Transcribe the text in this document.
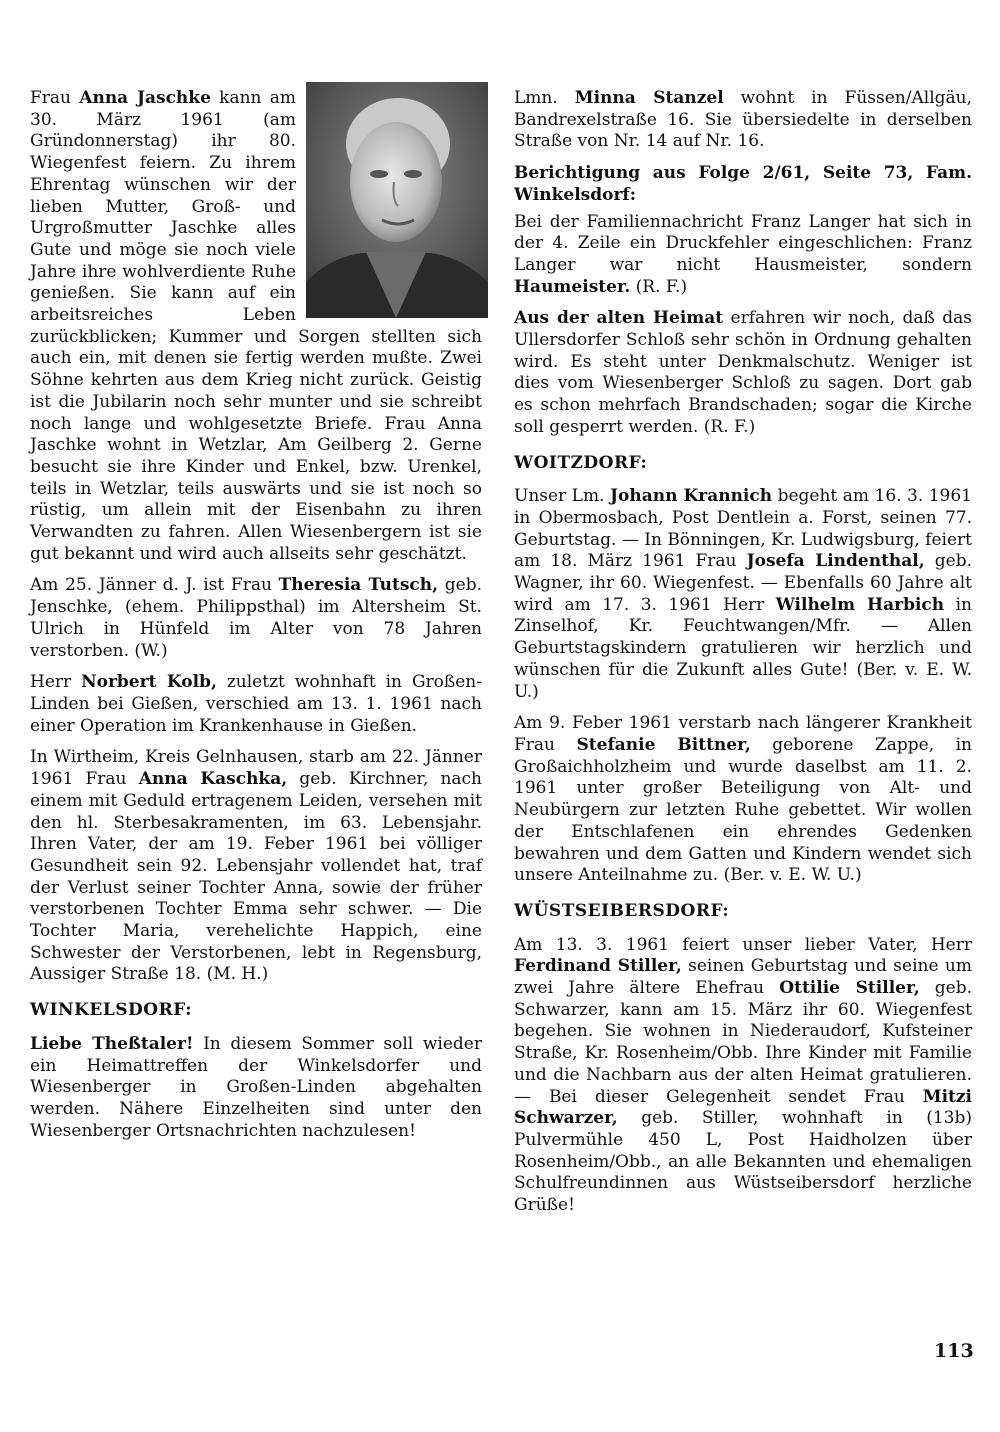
Frau Anna Jaschke kann am 30. März 1961 (am Gründonnerstag) ihr 80. Wiegenfest feiern. Zu ihrem Ehrentag wünschen wir der lieben Mutter, Groß- und Urgroßmutter Jaschke alles Gute und möge sie noch viele Jahre ihre wohlverdiente Ruhe genießen. Sie kann auf ein arbeitsreiches Leben zurückblicken; Kummer und Sorgen stellten sich auch ein, mit denen sie fertig werden mußte. Zwei Söhne kehrten aus dem Krieg nicht zurück. Geistig ist die Jubilarin noch sehr munter und sie schreibt noch lange und wohlgesetzte Briefe. Frau Anna Jaschke wohnt in Wetzlar, Am Geilberg 2. Gerne besucht sie ihre Kinder und Enkel, bzw. Urenkel, teils in Wetzlar, teils auswärts und sie ist noch so rüstig, um allein mit der Eisenbahn zu ihren Verwandten zu fahren. Allen Wiesenbergern ist sie gut bekannt und wird auch allseits sehr geschätzt.

Am 25. Jänner d. J. ist Frau Theresia Tutsch, geb. Jenschke, (ehem. Philippsthal) im Altersheim St. Ulrich in Hünfeld im Alter von 78 Jahren verstorben. (W.)

Herr Norbert Kolb, zuletzt wohnhaft in Großen-Linden bei Gießen, verschied am 13. 1. 1961 nach einer Operation im Krankenhause in Gießen.

In Wirtheim, Kreis Gelnhausen, starb am 22. Jänner 1961 Frau Anna Kaschka, geb. Kirchner, nach einem mit Geduld ertragenem Leiden, versehen mit den hl. Sterbesakramenten, im 63. Lebensjahr. Ihren Vater, der am 19. Feber 1961 bei völliger Gesundheit sein 92. Lebensjahr vollendet hat, traf der Verlust seiner Tochter Anna, sowie der früher verstorbenen Tochter Emma sehr schwer. — Die Tochter Maria, verehelichte Happich, eine Schwester der Verstorbenen, lebt in Regensburg, Aussiger Straße 18. (M. H.)

WINKELSDORF:

Liebe Theßtaler! In diesem Sommer soll wieder ein Heimattreffen der Winkelsdorfer und Wiesenberger in Großen-Linden abgehalten werden. Nähere Einzelheiten sind unter den Wiesenberger Ortsnachrichten nachzulesen!

Lmn. Minna Stanzel wohnt in Füssen/Allgäu, Bandrexelstraße 16. Sie übersiedelte in derselben Straße von Nr. 14 auf Nr. 16.

Berichtigung aus Folge 2/61, Seite 73, Fam. Winkelsdorf:

Bei der Familiennachricht Franz Langer hat sich in der 4. Zeile ein Druckfehler eingeschlichen: Franz Langer war nicht Hausmeister, sondern Haumeister. (R. F.)

Aus der alten Heimat erfahren wir noch, daß das Ullersdorfer Schloß sehr schön in Ordnung gehalten wird. Es steht unter Denkmalschutz. Weniger ist dies vom Wiesenberger Schloß zu sagen. Dort gab es schon mehrfach Brandschaden; sogar die Kirche soll gesperrt werden. (R. F.)

WOITZDORF:

Unser Lm. Johann Krannich begeht am 16. 3. 1961 in Obermosbach, Post Dentlein a. Forst, seinen 77. Geburtstag. — In Bönningen, Kr. Ludwigsburg, feiert am 18. März 1961 Frau Josefa Lindenthal, geb. Wagner, ihr 60. Wiegenfest. — Ebenfalls 60 Jahre alt wird am 17. 3. 1961 Herr Wilhelm Harbich in Zinselhof, Kr. Feuchtwangen/Mfr. — Allen Geburtstagskindern gratulieren wir herzlich und wünschen für die Zukunft alles Gute! (Ber. v. E. W. U.)

Am 9. Feber 1961 verstarb nach längerer Krankheit Frau Stefanie Bittner, geborene Zappe, in Großaichholzheim und wurde daselbst am 11. 2. 1961 unter großer Beteiligung von Alt- und Neubürgern zur letzten Ruhe gebettet. Wir wollen der Entschlafenen ein ehrendes Gedenken bewahren und dem Gatten und Kindern wendet sich unsere Anteilnahme zu. (Ber. v. E. W. U.)

WÜSTSEIBERSDORF:

Am 13. 3. 1961 feiert unser lieber Vater, Herr Ferdinand Stiller, seinen Geburtstag und seine um zwei Jahre ältere Ehefrau Ottilie Stiller, geb. Schwarzer, kann am 15. März ihr 60. Wiegenfest begehen. Sie wohnen in Niederaudorf, Kufsteiner Straße, Kr. Rosenheim/Obb. Ihre Kinder mit Familie und die Nachbarn aus der alten Heimat gratulieren. — Bei dieser Gelegenheit sendet Frau Mitzi Schwarzer, geb. Stiller, wohnhaft in (13b) Pulvermühle 450 L, Post Haidholzen über Rosenheim/Obb., an alle Bekannten und ehemaligen Schulfreundinnen aus Wüstseibersdorf herzliche Grüße!

113
